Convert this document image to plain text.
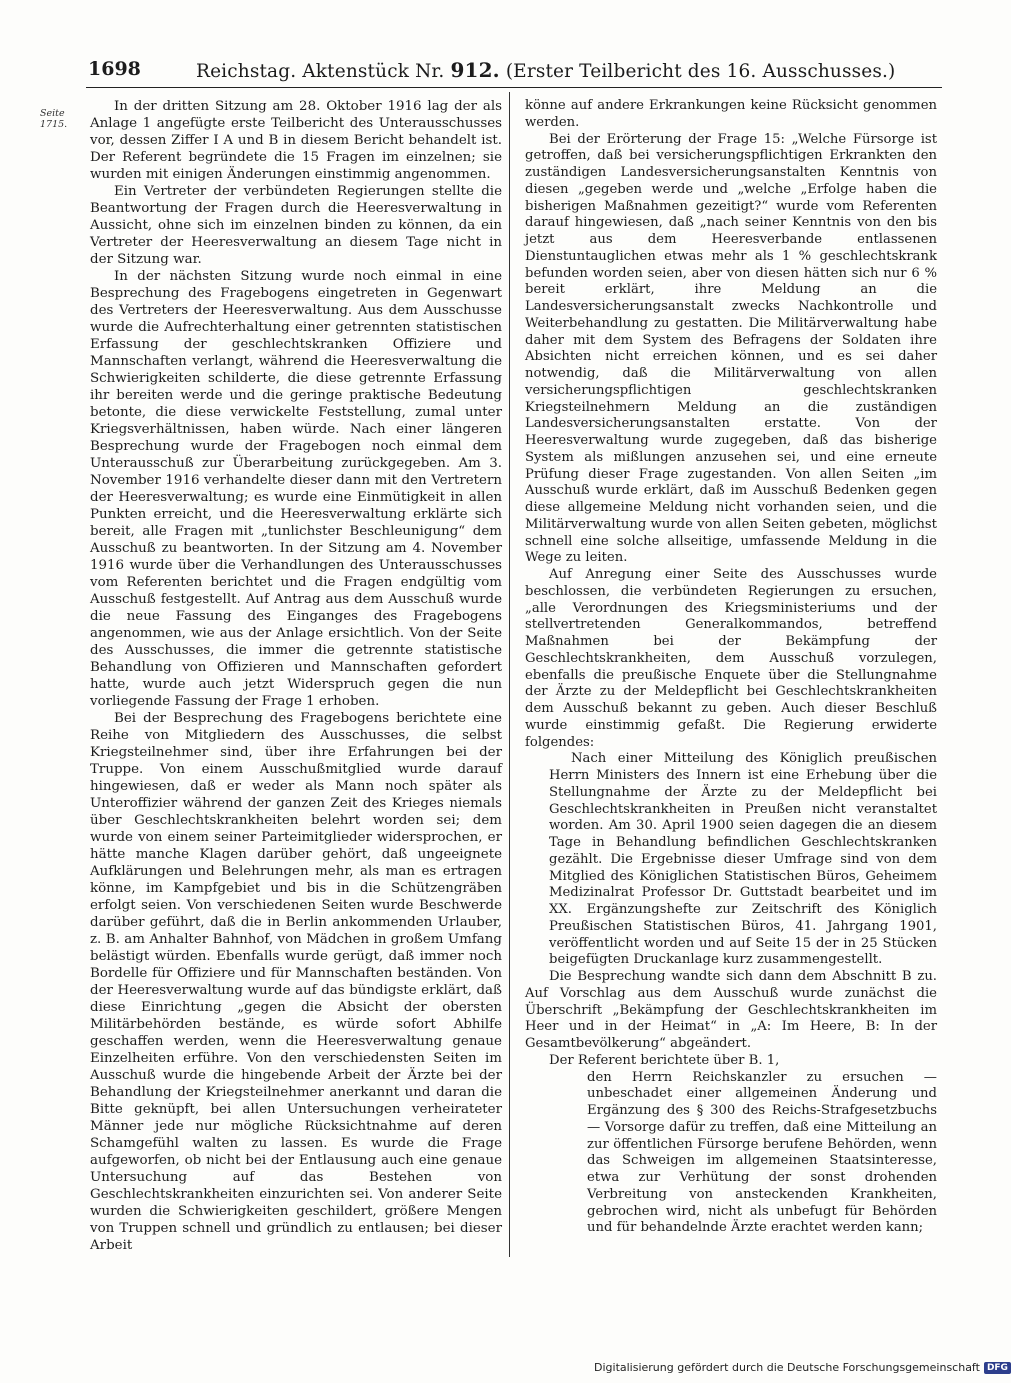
1698	Reichstag. Aktenstück Nr. 912. (Erster Teilbericht des 16. Ausschusses.)
Seite
1715.

In der dritten Sitzung am 28. Oktober 1916 lag der als Anlage 1 angefügte erste Teilbericht des Unterausschusses vor, dessen Ziffer I A und B in diesem Bericht behandelt ist. Der Referent begründete die 15 Fragen im einzelnen; sie wurden mit einigen Änderungen einstimmig angenommen.

Ein Vertreter der verbündeten Regierungen stellte die Beantwortung der Fragen durch die Heeresverwaltung in Aussicht, ohne sich im einzelnen binden zu können, da ein Vertreter der Heeresverwaltung an diesem Tage nicht in der Sitzung war.

In der nächsten Sitzung wurde noch einmal in eine Besprechung des Fragebogens eingetreten in Gegenwart des Vertreters der Heeresverwaltung. Aus dem Ausschusse wurde die Aufrechterhaltung einer getrennten statistischen Erfassung der geschlechtskranken Offiziere und Mannschaften verlangt, während die Heeresverwaltung die Schwierigkeiten schilderte, die diese getrennte Erfassung ihr bereiten werde und die geringe praktische Bedeutung betonte, die diese verwickelte Feststellung, zumal unter Kriegsverhältnissen, haben würde. Nach einer längeren Besprechung wurde der Fragebogen noch einmal dem Unterausschuß zur Überarbeitung zurückgegeben. Am 3. November 1916 verhandelte dieser dann mit den Vertretern der Heeresverwaltung; es wurde eine Einmütigkeit in allen Punkten erreicht, und die Heeresverwaltung erklärte sich bereit, alle Fragen mit „tunlichster Beschleunigung“ dem Ausschuß zu beantworten. In der Sitzung am 4. November 1916 wurde über die Verhandlungen des Unterausschusses vom Referenten berichtet und die Fragen endgültig vom Ausschuß festgestellt. Auf Antrag aus dem Ausschuß wurde die neue Fassung des Einganges des Fragebogens angenommen, wie aus der Anlage ersichtlich. Von der Seite des Ausschusses, die immer die getrennte statistische Behandlung von Offizieren und Mannschaften gefordert hatte, wurde auch jetzt Widerspruch gegen die nun vorliegende Fassung der Frage 1 erhoben.

Bei der Besprechung des Fragebogens berichtete eine Reihe von Mitgliedern des Ausschusses, die selbst Kriegsteilnehmer sind, über ihre Erfahrungen bei der Truppe. Von einem Ausschußmitglied wurde darauf hingewiesen, daß er weder als Mann noch später als Unteroffizier während der ganzen Zeit des Krieges niemals über Geschlechtskrankheiten belehrt worden sei; dem wurde von einem seiner Parteimitglieder widersprochen, er hätte manche Klagen darüber gehört, daß ungeeignete Aufklärungen und Belehrungen mehr, als man es ertragen könne, im Kampfgebiet und bis in die Schützengräben erfolgt seien. Von verschiedenen Seiten wurde Beschwerde darüber geführt, daß die in Berlin ankommenden Urlauber, z. B. am Anhalter Bahnhof, von Mädchen in großem Umfang belästigt würden. Ebenfalls wurde gerügt, daß immer noch Bordelle für Offiziere und für Mannschaften beständen. Von der Heeresverwaltung wurde auf das bündigste erklärt, daß diese Einrichtung „gegen die Absicht der obersten Militärbehörden bestände, es würde sofort Abhilfe geschaffen werden, wenn die Heeresverwaltung genaue Einzelheiten erführe. Von den verschiedensten Seiten im Ausschuß wurde die hingebende Arbeit der Ärzte bei der Behandlung der Kriegsteilnehmer anerkannt und daran die Bitte geknüpft, bei allen Untersuchungen verheirateter Männer jede nur mögliche Rücksichtnahme auf deren Schamgefühl walten zu lassen. Es wurde die Frage aufgeworfen, ob nicht bei der Entlausung auch eine genaue Untersuchung auf das Bestehen von Geschlechtskrankheiten einzurichten sei. Von anderer Seite wurden die Schwierigkeiten geschildert, größere Mengen von Truppen schnell und gründlich zu entlausen; bei dieser Arbeit

könne auf andere Erkrankungen keine Rücksicht genommen werden.

Bei der Erörterung der Frage 15: „Welche Fürsorge ist getroffen, daß bei versicherungspflichtigen Erkrankten den zuständigen Landesversicherungsanstalten Kenntnis von diesen „gegeben werde und „welche „Erfolge haben die bisherigen Maßnahmen gezeitigt?“ wurde vom Referenten darauf hingewiesen, daß „nach seiner Kenntnis von den bis jetzt aus dem Heeresverbande entlassenen Dienstuntauglichen etwas mehr als 1 % geschlechtskrank befunden worden seien, aber von diesen hätten sich nur 6 % bereit erklärt, ihre Meldung an die Landesversicherungsanstalt zwecks Nachkontrolle und Weiterbehandlung zu gestatten. Die Militärverwaltung habe daher mit dem System des Befragens der Soldaten ihre Absichten nicht erreichen können, und es sei daher notwendig, daß die Militärverwaltung von allen versicherungspflichtigen geschlechtskranken Kriegsteilnehmern Meldung an die zuständigen Landesversicherungsanstalten erstatte. Von der Heeresverwaltung wurde zugegeben, daß das bisherige System als mißlungen anzusehen sei, und eine erneute Prüfung dieser Frage zugestanden. Von allen Seiten „im Ausschuß wurde erklärt, daß im Ausschuß Bedenken gegen diese allgemeine Meldung nicht vorhanden seien, und die Militärverwaltung wurde von allen Seiten gebeten, möglichst schnell eine solche allseitige, umfassende Meldung in die Wege zu leiten.

Auf Anregung einer Seite des Ausschusses wurde beschlossen, die verbündeten Regierungen zu ersuchen, „alle Verordnungen des Kriegsministeriums und der stellvertretenden Generalkommandos, betreffend Maßnahmen bei der Bekämpfung der Geschlechtskrankheiten, dem Ausschuß vorzulegen, ebenfalls die preußische Enquete über die Stellungnahme der Ärzte zu der Meldepflicht bei Geschlechtskrankheiten dem Ausschuß bekannt zu geben. Auch dieser Beschluß wurde einstimmig gefaßt. Die Regierung erwiderte folgendes:

Nach einer Mitteilung des Königlich preußischen Herrn Ministers des Innern ist eine Erhebung über die Stellungnahme der Ärzte zu der Meldepflicht bei Geschlechtskrankheiten in Preußen nicht veranstaltet worden. Am 30. April 1900 seien dagegen die an diesem Tage in Behandlung befindlichen Geschlechtskranken gezählt. Die Ergebnisse dieser Umfrage sind von dem Mitglied des Königlichen Statistischen Büros, Geheimem Medizinalrat Professor Dr. Guttstadt bearbeitet und im XX. Ergänzungshefte zur Zeitschrift des Königlich Preußischen Statistischen Büros, 41. Jahrgang 1901, veröffentlicht worden und auf Seite 15 der in 25 Stücken beigefügten Druckanlage kurz zusammengestellt.

Die Besprechung wandte sich dann dem Abschnitt B zu. Auf Vorschlag aus dem Ausschuß wurde zunächst die Überschrift „Bekämpfung der Geschlechtskrankheiten im Heer und in der Heimat“ in „A: Im Heere, B: In der Gesamtbevölkerung“ abgeändert.

Der Referent berichtete über B. 1,

den Herrn Reichskanzler zu ersuchen — unbeschadet einer allgemeinen Änderung und Ergänzung des § 300 des Reichs-Strafgesetzbuchs — Vorsorge dafür zu treffen, daß eine Mitteilung an zur öffentlichen Fürsorge berufene Behörden, wenn das Schweigen im allgemeinen Staatsinteresse, etwa zur Verhütung der sonst drohenden Verbreitung von ansteckenden Krankheiten, gebrochen wird, nicht als unbefugt für Behörden und für behandelnde Ärzte erachtet werden kann;

Digitalisierung gefördert durch die Deutsche Forschungsgemeinschaft DFG
